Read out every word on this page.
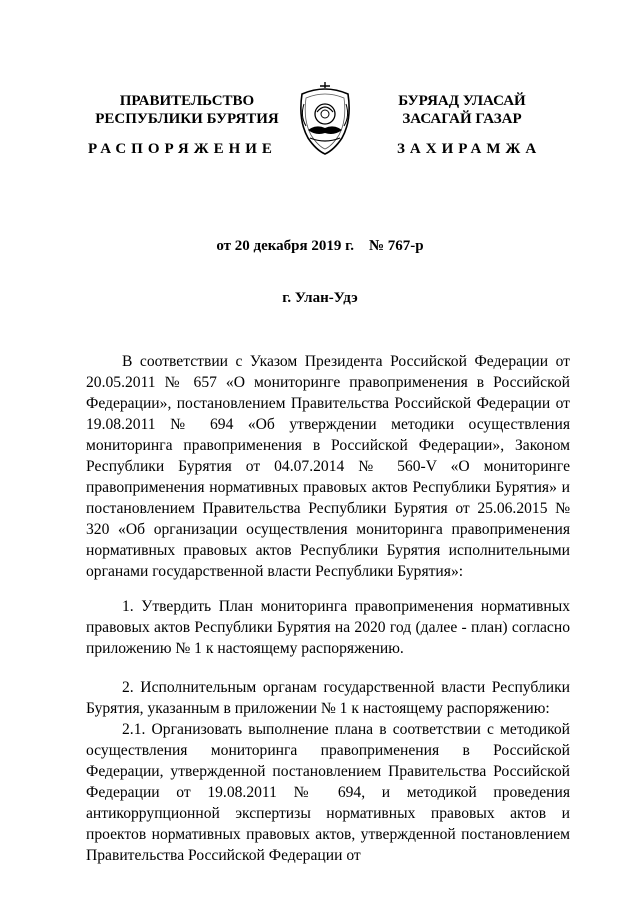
ПРАВИТЕЛЬСТВО
РЕСПУБЛИКИ БУРЯТИЯ
БУРЯАД УЛАСАЙ
ЗАСАГАЙ ГАЗАР
РАСПОРЯЖЕНИЕ	ЗАХИРАМЖА
от 20 декабря 2019 г.    № 767-р
г. Улан-Удэ

В соответствии с Указом Президента Российской Федерации от 20.05.2011 № 657 «О мониторинге правоприменения в Российской Федерации», постановлением Правительства Российской Федерации от 19.08.2011 № 694 «Об утверждении методики осуществления мониторинга правоприменения в Российской Федерации», Законом Республики Бурятия от 04.07.2014 № 560-V «О мониторинге правоприменения нормативных правовых актов Республики Бурятия» и постановлением Правительства Республики Бурятия от 25.06.2015 № 320 «Об организации осуществления мониторинга правоприменения нормативных правовых актов Республики Бурятия исполнительными органами государственной власти Республики Бурятия»:

1. Утвердить План мониторинга правоприменения нормативных правовых актов Республики Бурятия на 2020 год (далее - план) согласно приложению № 1 к настоящему распоряжению.

2. Исполнительным органам государственной власти Республики Бурятия, указанным в приложении № 1 к настоящему распоряжению:

2.1. Организовать выполнение плана в соответствии с методикой осуществления мониторинга правоприменения в Российской Федерации, утвержденной постановлением Правительства Российской Федерации от 19.08.2011 № 694, и методикой проведения антикоррупционной экспертизы нормативных правовых актов и проектов нормативных правовых актов, утвержденной постановлением Правительства Российской Федерации от
